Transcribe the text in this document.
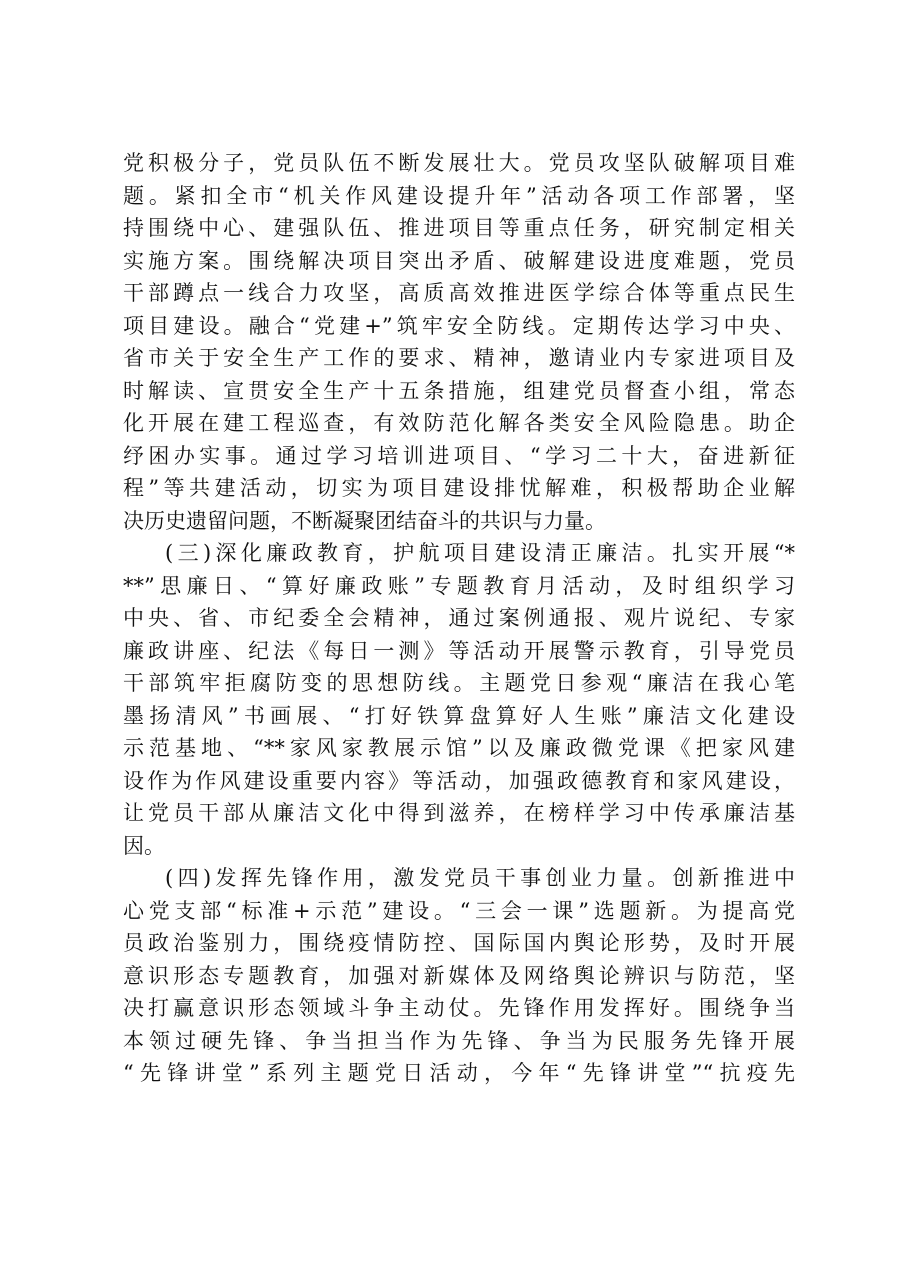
党积极分子，党员队伍不断发展壮大。党员攻坚队破解项目难
题。紧扣全市“机关作风建设提升年”活动各项工作部署，坚
持围绕中心、建强队伍、推进项目等重点任务，研究制定相关
实施方案。围绕解决项目突出矛盾、破解建设进度难题，党员
干部蹲点一线合力攻坚，高质高效推进医学综合体等重点民生
项目建设。融合“党建+”筑牢安全防线。定期传达学习中央、
省市关于安全生产工作的要求、精神，邀请业内专家进项目及
时解读、宣贯安全生产十五条措施，组建党员督查小组，常态
化开展在建工程巡查，有效防范化解各类安全风险隐患。助企
纾困办实事。通过学习培训进项目、“学习二十大，奋进新征
程”等共建活动，切实为项目建设排忧解难，积极帮助企业解
决历史遗留问题，不断凝聚团结奋斗的共识与力量。
(三)深化廉政教育，护航项目建设清正廉洁。扎实开展“*
**”思廉日、“算好廉政账”专题教育月活动，及时组织学习
中央、省、市纪委全会精神，通过案例通报、观片说纪、专家
廉政讲座、纪法《每日一测》等活动开展警示教育，引导党员
干部筑牢拒腐防变的思想防线。主题党日参观“廉洁在我心笔
墨扬清风”书画展、“打好铁算盘算好人生账”廉洁文化建设
示范基地、“**家风家教展示馆”以及廉政微党课《把家风建
设作为作风建设重要内容》等活动，加强政德教育和家风建设，
让党员干部从廉洁文化中得到滋养，在榜样学习中传承廉洁基
因。
(四)发挥先锋作用，激发党员干事创业力量。创新推进中
心党支部“标准+示范”建设。“三会一课”选题新。为提高党
员政治鉴别力，围绕疫情防控、国际国内舆论形势，及时开展
意识形态专题教育，加强对新媒体及网络舆论辨识与防范，坚
决打赢意识形态领域斗争主动仗。先锋作用发挥好。围绕争当
本领过硬先锋、争当担当作为先锋、争当为民服务先锋开展
“先锋讲堂”系列主题党日活动，今年“先锋讲堂”“抗疫先
